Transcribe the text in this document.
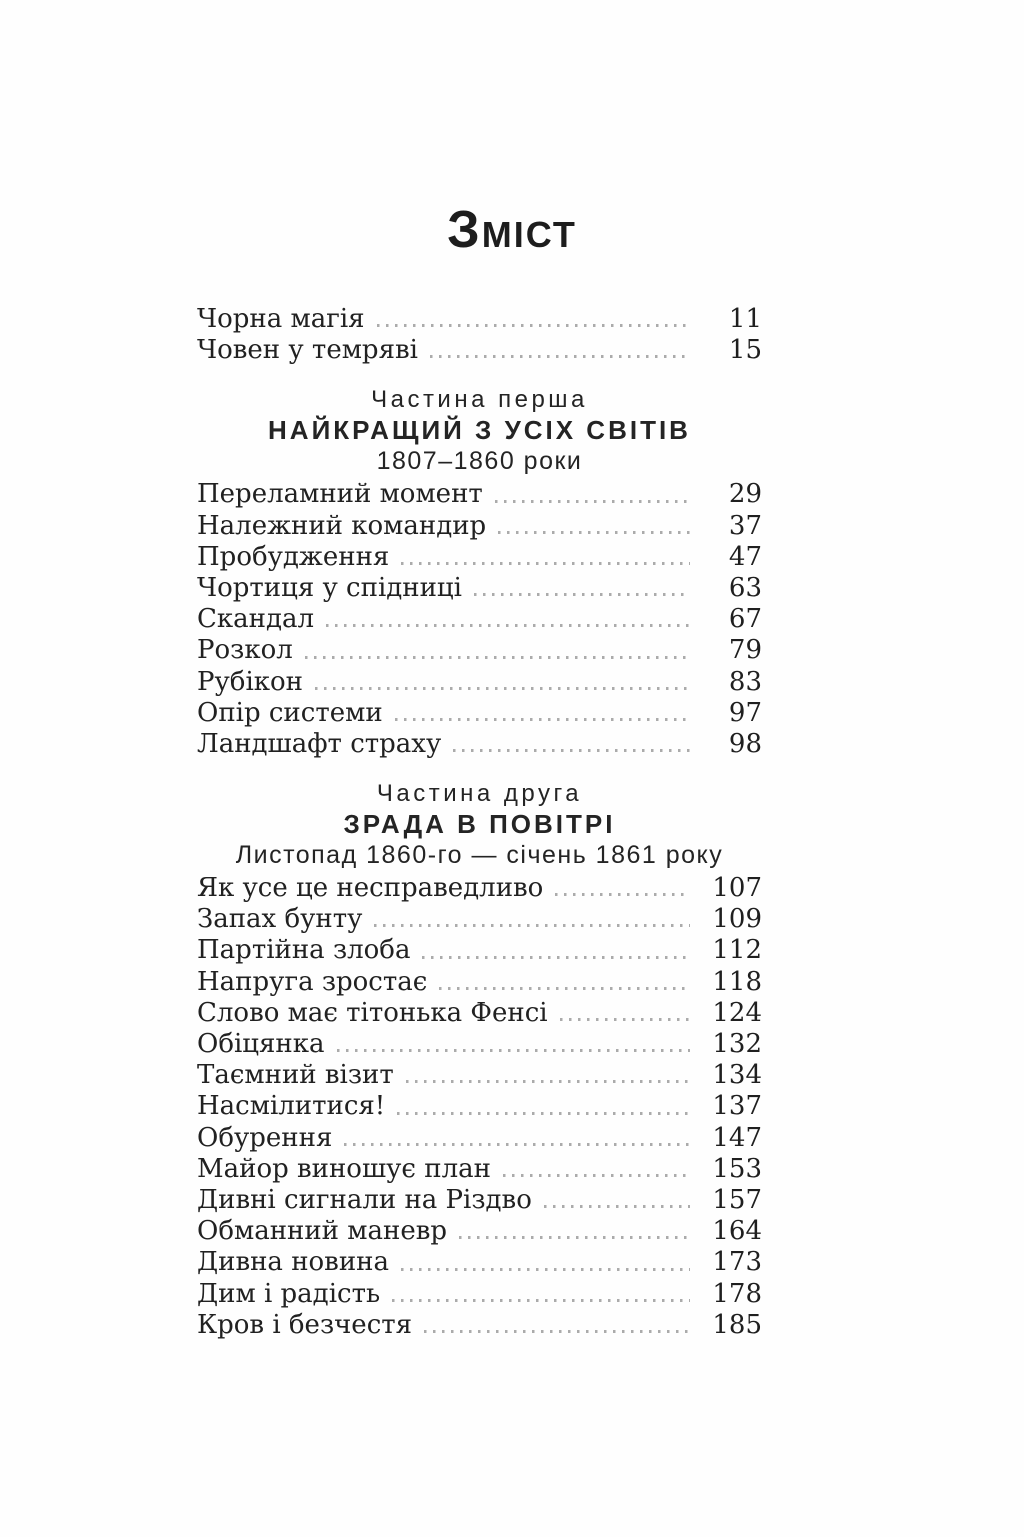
Зміст
Чорна магія	11
Човен у темряві	15
Частина перша
НАЙКРАЩИЙ З УСІХ СВІТІВ
1807–1860 роки
Переламний момент	29
Належний командир	37
Пробудження	47
Чортиця у спідниці	63
Скандал	67
Розкол	79
Рубікон	83
Опір системи	97
Ландшафт страху	98
Частина друга
ЗРАДА В ПОВІТРІ
Листопад 1860-го — січень 1861 року
Як усе це несправедливо	107
Запах бунту	109
Партійна злоба	112
Напруга зростає	118
Слово має тітонька Фенсі	124
Обіцянка	132
Таємний візит	134
Насмілитися!	137
Обурення	147
Майор виношує план	153
Дивні сигнали на Різдво	157
Обманний маневр	164
Дивна новина	173
Дим і радість	178
Кров і безчестя	185
